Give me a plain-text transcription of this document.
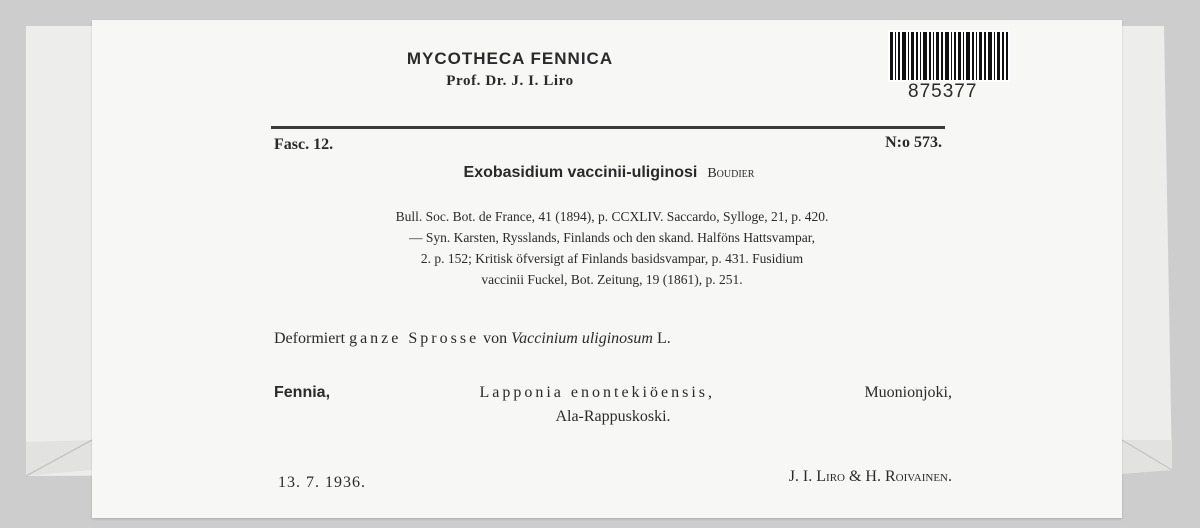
MYCOTHECA FENNICA
Prof. Dr. J. I. Liro	875377
Fasc. 12.	N:o 573.
Exobasidium vaccinii-uliginosi Boudier

Bull. Soc. Bot. de France, 41 (1894), p. CCXLIV. Saccardo, Sylloge, 21, p. 420.

— Syn. Karsten, Rysslands, Finlands och den skand. Halföns Hattsvampar,

2. p. 152; Kritisk öfversigt af Finlands basidsvampar, p. 431. Fusidium

vaccinii Fuckel, Bot. Zeitung, 19 (1861), p. 251.

Deformiert ganze Sprosse von Vaccinium uliginosum L.
Fennia,	Lapponia enontekiöensis,	Muonionjoki,
Ala-Rappuskoski.
13. 7. 1936.	J. I. Liro & H. Roivainen.
